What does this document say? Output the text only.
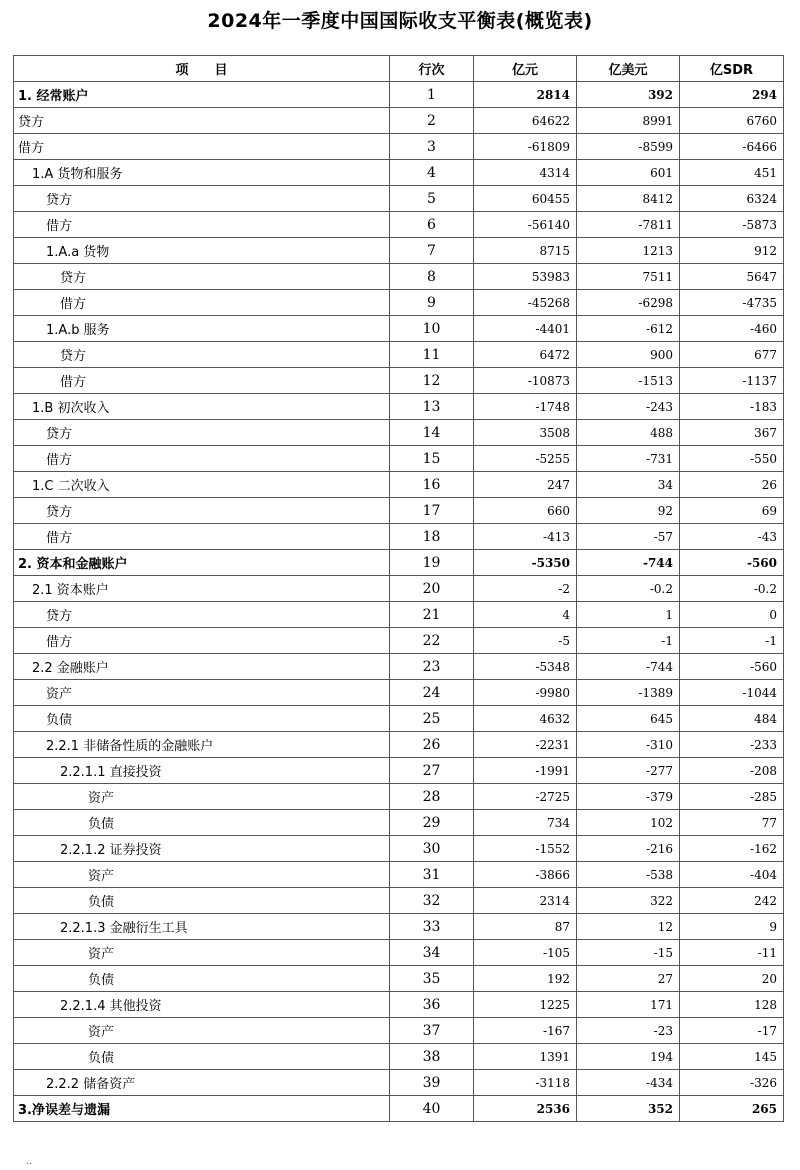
2024年一季度中国国际收支平衡表(概览表)
项　　目	行次	亿元	亿美元	亿SDR
1. 经常账户	1	2814	392	294
贷方	2	64622	8991	6760
借方	3	-61809	-8599	-6466
1.A 货物和服务	4	4314	601	451
贷方	5	60455	8412	6324
借方	6	-56140	-7811	-5873
1.A.a 货物	7	8715	1213	912
贷方	8	53983	7511	5647
借方	9	-45268	-6298	-4735
1.A.b 服务	10	-4401	-612	-460
贷方	11	6472	900	677
借方	12	-10873	-1513	-1137
1.B 初次收入	13	-1748	-243	-183
贷方	14	3508	488	367
借方	15	-5255	-731	-550
1.C 二次收入	16	247	34	26
贷方	17	660	92	69
借方	18	-413	-57	-43
2. 资本和金融账户	19	-5350	-744	-560
2.1 资本账户	20	-2	-0.2	-0.2
贷方	21	4	1	0
借方	22	-5	-1	-1
2.2 金融账户	23	-5348	-744	-560
资产	24	-9980	-1389	-1044
负债	25	4632	645	484
2.2.1 非储备性质的金融账户	26	-2231	-310	-233
2.2.1.1 直接投资	27	-1991	-277	-208
资产	28	-2725	-379	-285
负债	29	734	102	77
2.2.1.2 证券投资	30	-1552	-216	-162
资产	31	-3866	-538	-404
负债	32	2314	322	242
2.2.1.3 金融衍生工具	33	87	12	9
资产	34	-105	-15	-11
负债	35	192	27	20
2.2.1.4 其他投资	36	1225	171	128
资产	37	-167	-23	-17
负债	38	1391	194	145
2.2.2 储备资产	39	-3118	-434	-326
3.净误差与遗漏	40	2536	352	265
··
